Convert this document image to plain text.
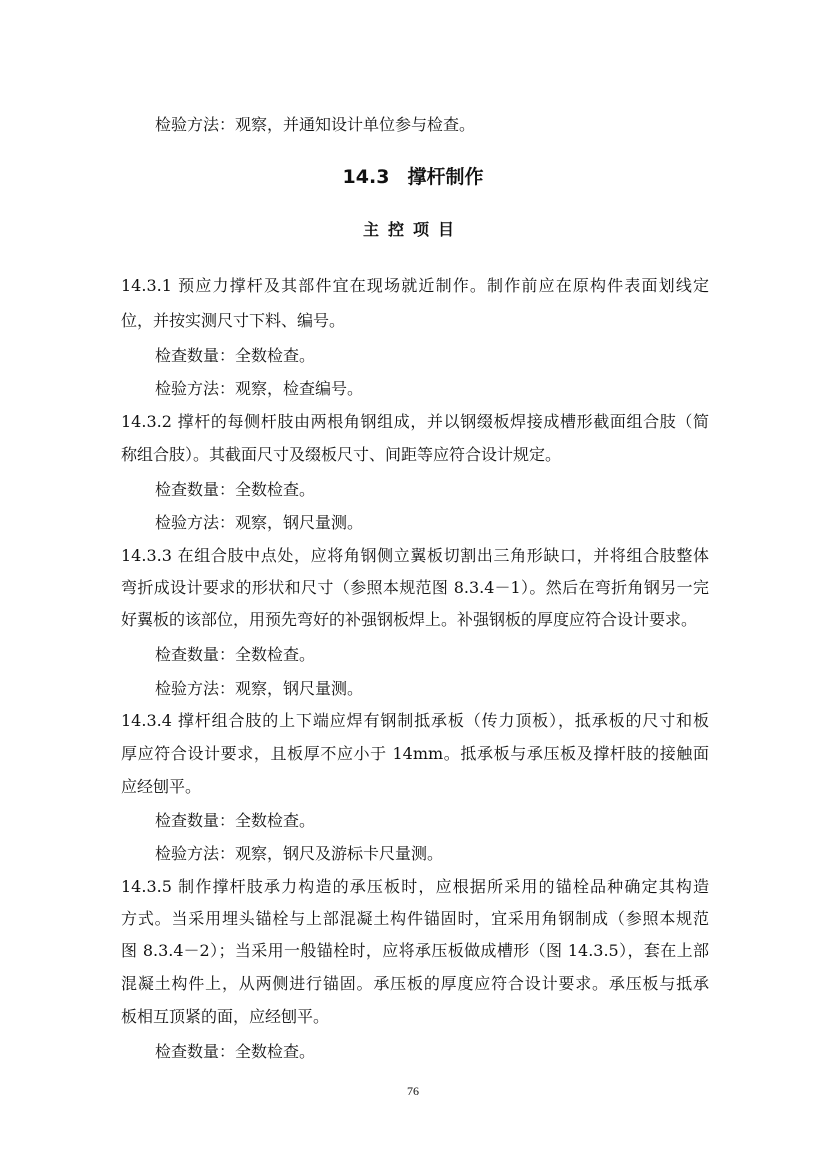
检验方法：观察，并通知设计单位参与检查。
14.3 撑杆制作
主控项目
14.3.1 预应力撑杆及其部件宜在现场就近制作。制作前应在原构件表面划线定
位，并按实测尺寸下料、编号。
检查数量：全数检查。
检验方法：观察，检查编号。
14.3.2 撑杆的每侧杆肢由两根角钢组成，并以钢缀板焊接成槽形截面组合肢（简
称组合肢）。其截面尺寸及缀板尺寸、间距等应符合设计规定。
检查数量：全数检查。
检验方法：观察，钢尺量测。
14.3.3 在组合肢中点处，应将角钢侧立翼板切割出三角形缺口，并将组合肢整体
弯折成设计要求的形状和尺寸（参照本规范图 8.3.4－1）。然后在弯折角钢另一完
好翼板的该部位，用预先弯好的补强钢板焊上。补强钢板的厚度应符合设计要求。
检查数量：全数检查。
检验方法：观察，钢尺量测。
14.3.4 撑杆组合肢的上下端应焊有钢制抵承板（传力顶板），抵承板的尺寸和板
厚应符合设计要求，且板厚不应小于 14mm。抵承板与承压板及撑杆肢的接触面
应经刨平。
检查数量：全数检查。
检验方法：观察，钢尺及游标卡尺量测。
14.3.5 制作撑杆肢承力构造的承压板时，应根据所采用的锚栓品种确定其构造
方式。当采用埋头锚栓与上部混凝土构件锚固时，宜采用角钢制成（参照本规范
图 8.3.4－2）；当采用一般锚栓时，应将承压板做成槽形（图 14.3.5），套在上部
混凝土构件上，从两侧进行锚固。承压板的厚度应符合设计要求。承压板与抵承
板相互顶紧的面，应经刨平。
检查数量：全数检查。
76
